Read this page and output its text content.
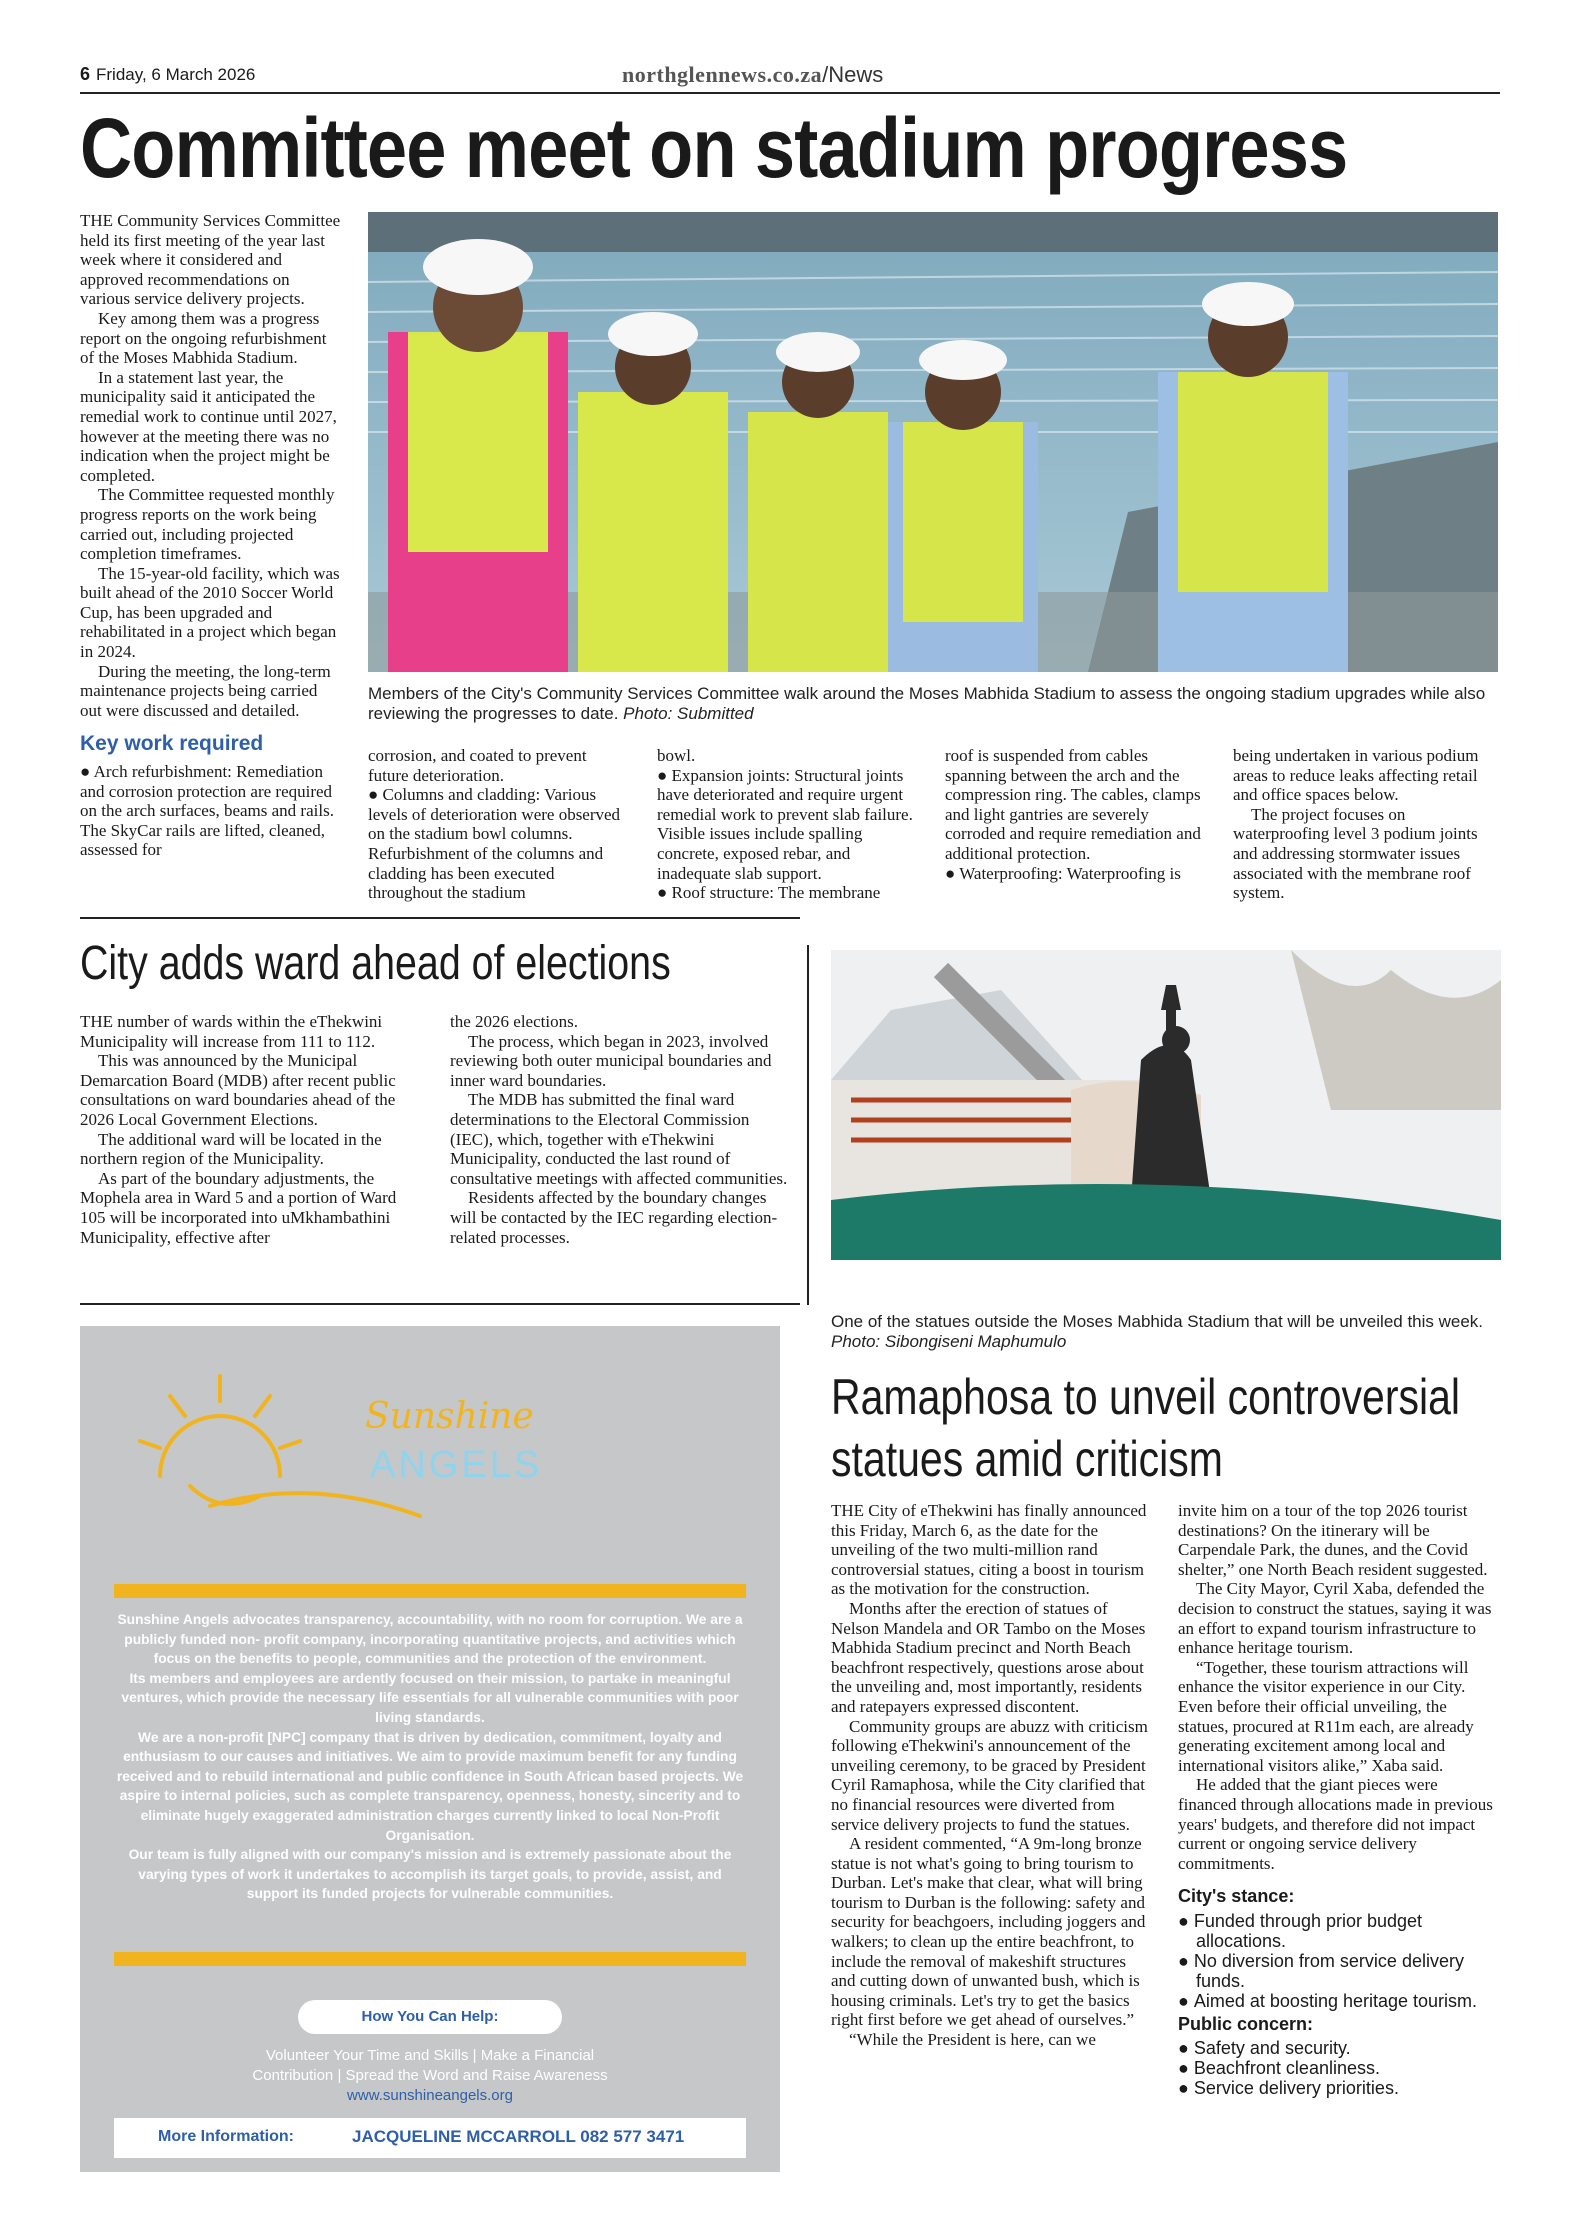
6 Friday, 6 March 2026	northglennews.co.za/News
Committee meet on stadium progress

THE Community Services Committee held its first meeting of the year last week where it considered and approved recommendations on various service delivery projects.

Key among them was a progress report on the ongoing refurbishment of the Moses Mabhida Stadium.

In a statement last year, the municipality said it anticipated the remedial work to continue until 2027, however at the meeting there was no indication when the project might be completed.

The Committee requested monthly progress reports on the work being carried out, including projected completion timeframes.

The 15-year-old facility, which was built ahead of the 2010 Soccer World Cup, has been upgraded and rehabilitated in a project which began in 2024.

During the meeting, the long-term maintenance projects being carried out were discussed and detailed.

Key work required

● Arch refurbishment: Remediation and corrosion protection are required on the arch surfaces, beams and rails. The SkyCar rails are lifted, cleaned, assessed for

Members of the City's Community Services Committee walk around the Moses Mabhida Stadium to assess the ongoing stadium upgrades while also reviewing the progresses to date. Photo: Submitted
corrosion, and coated to prevent future deterioration.
● Columns and cladding: Various levels of deterioration were observed on the stadium bowl columns. Refurbishment of the columns and cladding has been executed throughout the stadium
bowl.
● Expansion joints: Structural joints have deteriorated and require urgent remedial work to prevent slab failure. Visible issues include spalling concrete, exposed rebar, and inadequate slab support.
● Roof structure: The membrane
roof is suspended from cables spanning between the arch and the compression ring. The cables, clamps and light gantries are severely corroded and require remediation and additional protection.
● Waterproofing: Waterproofing is

being undertaken in various podium areas to reduce leaks affecting retail and office spaces below.

The project focuses on waterproofing level 3 podium joints and addressing stormwater issues associated with the membrane roof system.

City adds ward ahead of elections

THE number of wards within the eThekwini Municipality will increase from 111 to 112.

This was announced by the Municipal Demarcation Board (MDB) after recent public consultations on ward boundaries ahead of the 2026 Local Government Elections.

The additional ward will be located in the northern region of the Municipality.

As part of the boundary adjustments, the Mophela area in Ward 5 and a portion of Ward 105 will be incorporated into uMkhambathini Municipality, effective after

the 2026 elections.

The process, which began in 2023, involved reviewing both outer municipal boundaries and inner ward boundaries.

The MDB has submitted the final ward determinations to the Electoral Commission (IEC), which, together with eThekwini Municipality, conducted the last round of consultative meetings with affected communities.

Residents affected by the boundary changes will be contacted by the IEC regarding election-related processes.

Sunshine
ANGELS
Sunshine Angels advocates transparency, accountability, with no room for corruption. We are a publicly funded non- profit company, incorporating quantitative projects, and activities which focus on the benefits to people, communities and the protection of the environment.
Its members and employees are ardently focused on their mission, to partake in meaningful ventures, which provide the necessary life essentials for all vulnerable communities with poor living standards.
We are a non-profit [NPC] company that is driven by dedication, commitment, loyalty and enthusiasm to our causes and initiatives. We aim to provide maximum benefit for any funding received and to rebuild international and public confidence in South African based projects. We aspire to internal policies, such as complete transparency, openness, honesty, sincerity and to eliminate hugely exaggerated administration charges currently linked to local Non-Profit Organisation.
Our team is fully aligned with our company's mission and is extremely passionate about the varying types of work it undertakes to accomplish its target goals, to provide, assist, and support its funded projects for vulnerable communities.
How You Can Help:
Volunteer Your Time and Skills | Make a Financial
Contribution | Spread the Word and Raise Awareness
www.sunshineangels.org
More Information:	JACQUELINE MCCARROLL 082 577 3471
One of the statues outside the Moses Mabhida Stadium that will be unveiled this week. Photo: Sibongiseni Maphumulo
Ramaphosa to unveil controversial
statues amid criticism

THE City of eThekwini has finally announced this Friday, March 6, as the date for the unveiling of the two multi-million rand controversial statues, citing a boost in tourism as the motivation for the construction.

Months after the erection of statues of Nelson Mandela and OR Tambo on the Moses Mabhida Stadium precinct and North Beach beachfront respectively, questions arose about the unveiling and, most importantly, residents and ratepayers expressed discontent.

Community groups are abuzz with criticism following eThekwini's announcement of the unveiling ceremony, to be graced by President Cyril Ramaphosa, while the City clarified that no financial resources were diverted from service delivery projects to fund the statues.

A resident commented, “A 9m-long bronze statue is not what's going to bring tourism to Durban. Let's make that clear, what will bring tourism to Durban is the following: safety and security for beachgoers, including joggers and walkers; to clean up the entire beachfront, to include the removal of makeshift structures and cutting down of unwanted bush, which is housing criminals. Let's try to get the basics right first before we get ahead of ourselves.”

“While the President is here, can we

invite him on a tour of the top 2026 tourist destinations? On the itinerary will be Carpendale Park, the dunes, and the Covid shelter,” one North Beach resident suggested.

The City Mayor, Cyril Xaba, defended the decision to construct the statues, saying it was an effort to expand tourism infrastructure to enhance heritage tourism.

“Together, these tourism attractions will enhance the visitor experience in our City. Even before their official unveiling, the statues, procured at R11m each, are already generating excitement among local and international visitors alike,” Xaba said.

He added that the giant pieces were financed through allocations made in previous years' budgets, and therefore did not impact current or ongoing service delivery commitments.

City's stance:
● Funded through prior budget allocations.
● No diversion from service delivery funds.
● Aimed at boosting heritage tourism.
Public concern:
● Safety and security.
● Beachfront cleanliness.
● Service delivery priorities.
